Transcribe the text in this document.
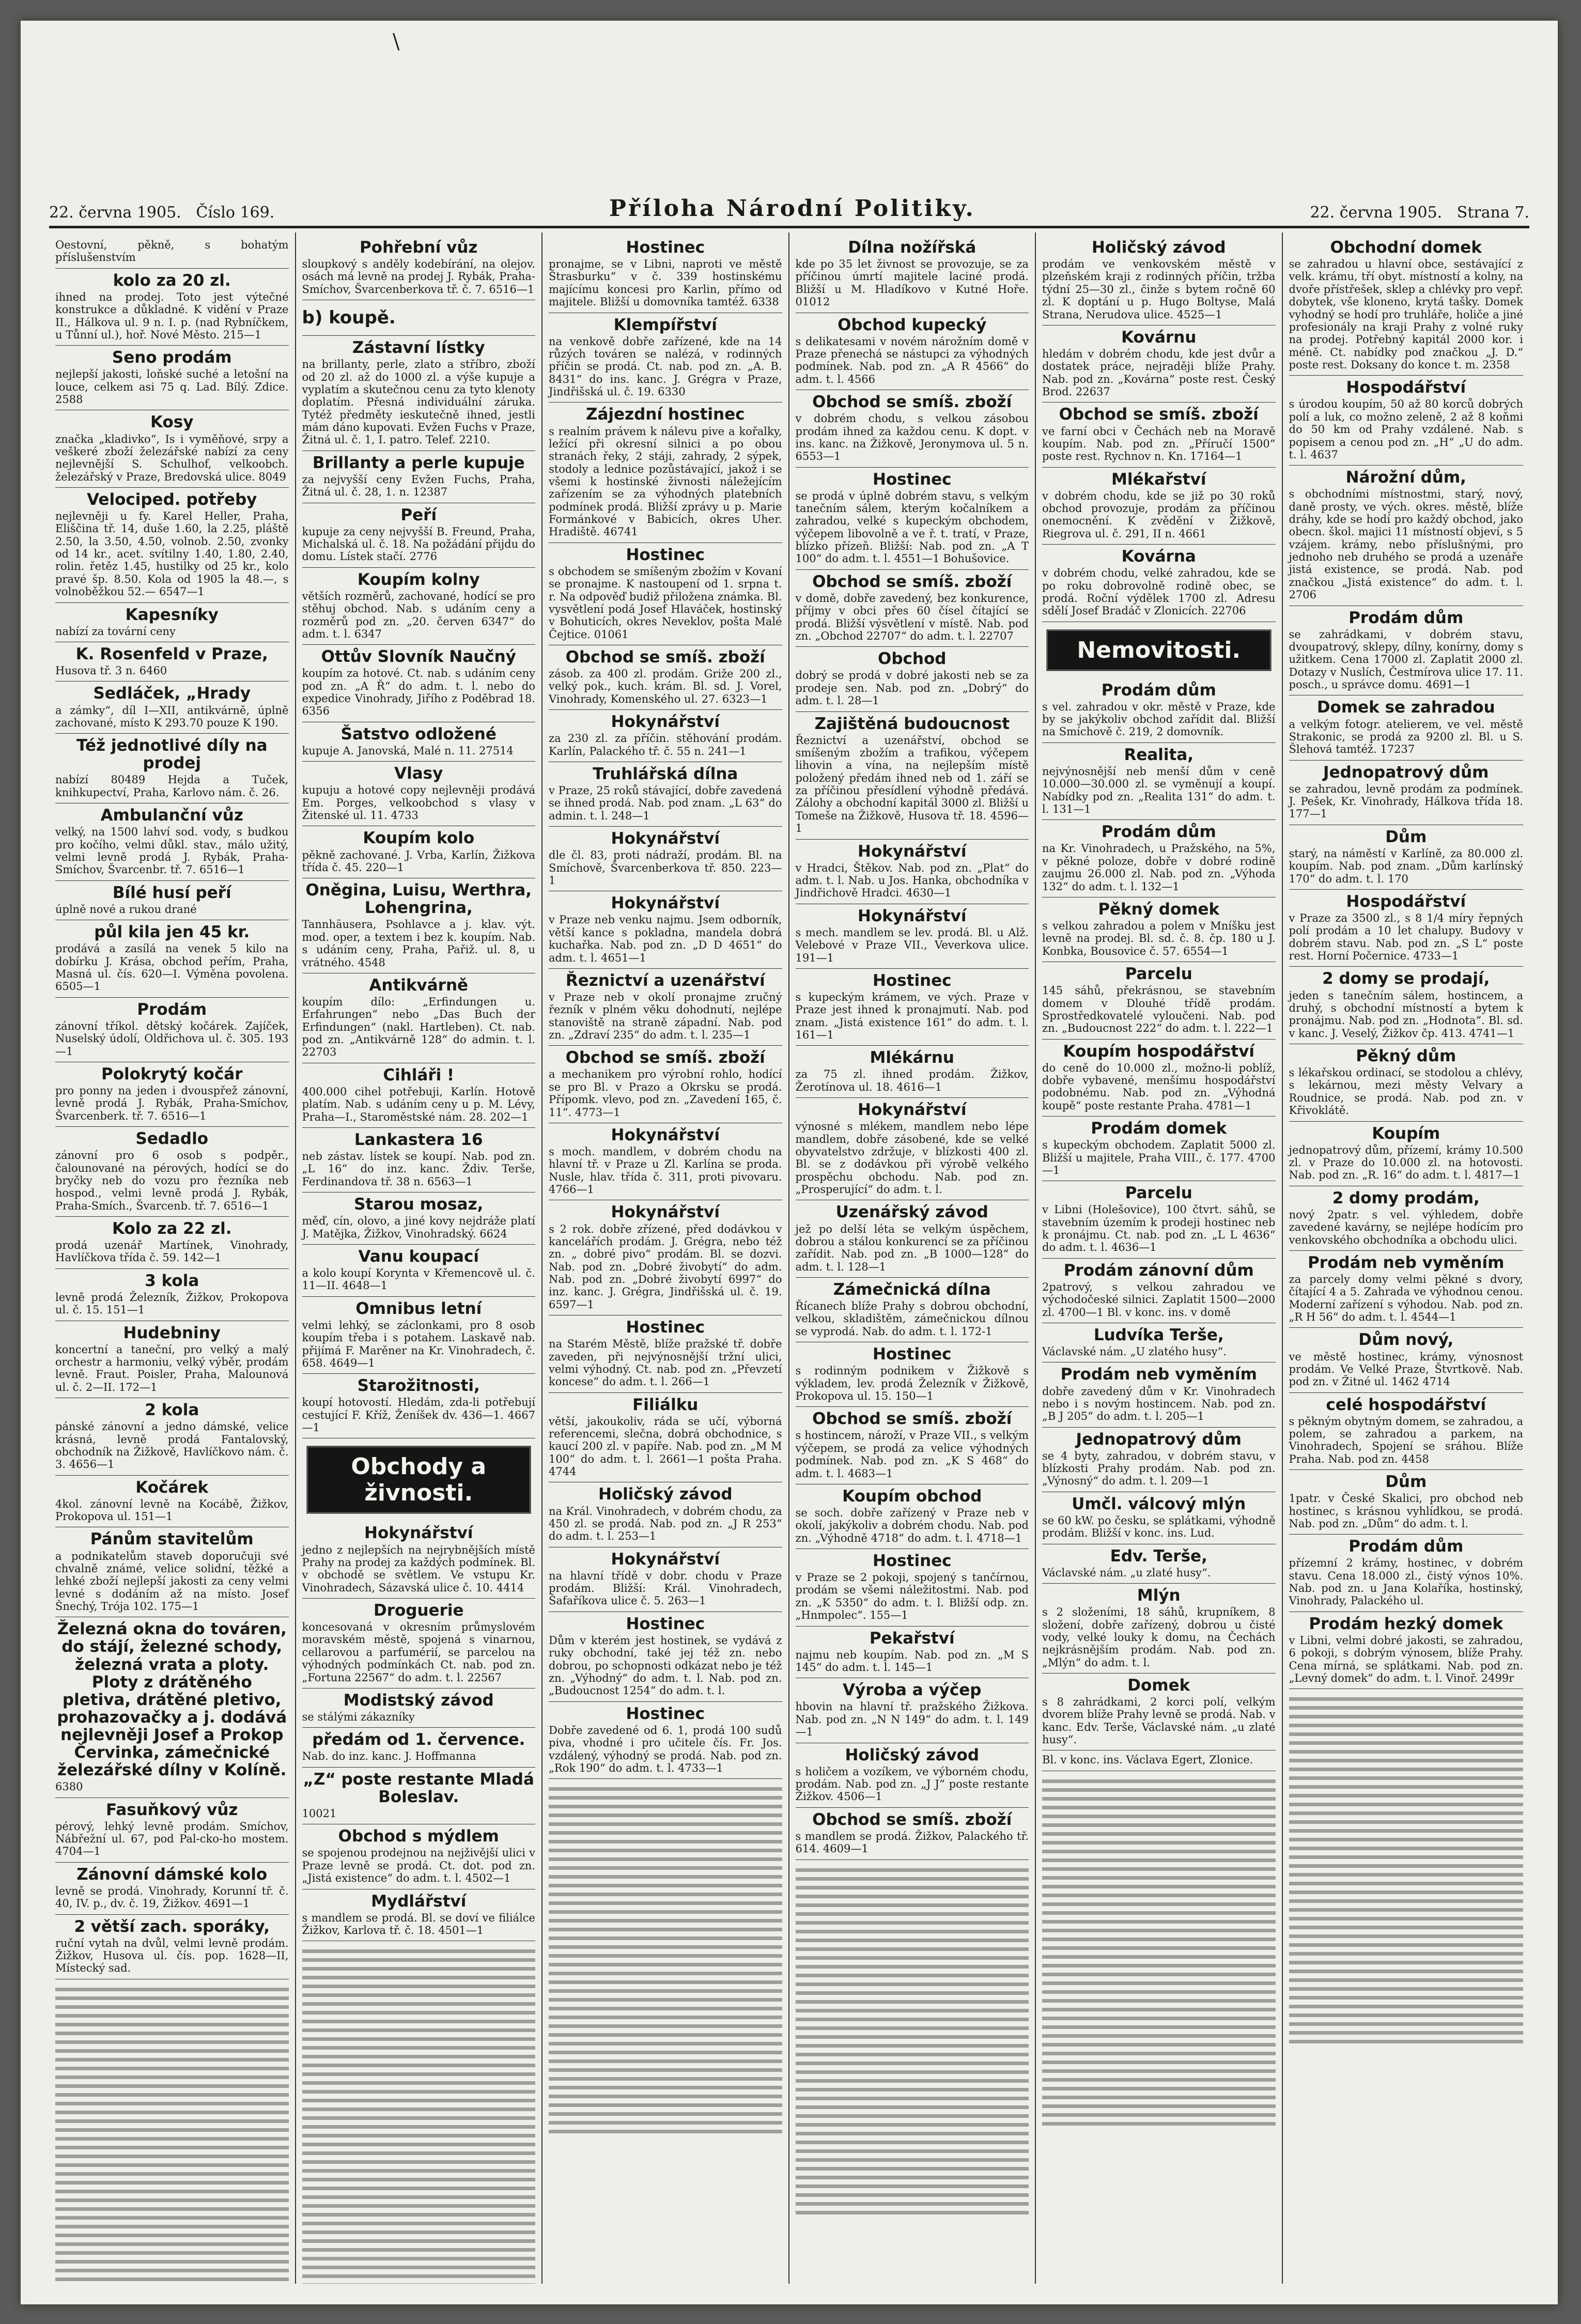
\
22. června 1905. Číslo 169.	Příloha Národní Politiky.	22. června 1905. Strana 7.
Oestovní, pěkně, s bohatým příslušenstvím
kolo za 20 zl.
ihned na prodej. Toto jest výtečné konstrukce a důkladné. K vidění v Praze II., Hálkova ul. 9 n. I. p. (nad Rybníčkem, u Tůnní ul.), hoř. Nové Město. 215—1
Seno prodám
nejlepší jakosti, loňské suché a letošní na louce, celkem asi 75 q. Lad. Bílý. Zdice. 2588
Kosy
značka „kladivko“, Is i vyměňové, srpy a veškeré zboží železářské nabízí za ceny nejlevnější S. Schulhof, velkoobch. železářský v Praze, Bredovská ulice. 8049
Velociped. potřeby
nejlevněji u fy. Karel Heller, Praha, Eliščina tř. 14, duše 1.60, la 2.25, pláště 2.50, la 3.50, 4.50, volnob. 2.50, zvonky od 14 kr., acet. svítilny 1.40, 1.80, 2.40, rolin. řetěz 1.45, hustilky od 25 kr., kolo pravé šp. 8.50. Kola od 1905 la 48.—, s volnoběžkou 52.— 6547—1
Kapesníky
nabízí za tovární ceny
K. Rosenfeld v Praze,
Husova tř. 3 n. 6460
Sedláček, „Hrady
a zámky“, díl I—XII, antikvárně, úplně zachované, místo K 293.70 pouze K 190.
Též jednotlivé díly na prodej
nabízí 80489 Hejda a Tuček, knihkupectví, Praha, Karlovo nám. č. 26.
Ambulanční vůz
velký, na 1500 lahví sod. vody, s budkou pro kočího, velmi důkl. stav., málo užitý, velmi levně prodá J. Rybák, Praha-Smíchov, Švarcenbr. tř. 7. 6516—1
Bílé husí peří
úplně nové a rukou drané
půl kila jen 45 kr.
prodává a zasílá na venek 5 kilo na dobírku J. Krása, obchod peřím, Praha, Masná ul. čís. 620—I. Výměna povolena. 6505—1
Prodám
zánovní tříkol. dětský kočárek. Zajíček, Nuselský údolí, Oldřichova ul. č. 305. 193—1
Polokrytý kočár
pro ponny na jeden i dvouspřež zánovní, levně prodá J. Rybák, Praha-Smíchov, Švarcenberk. tř. 7. 6516—1
Sedadlo
zánovní pro 6 osob s podpěr., čalounované na pérových, hodící se do bryčky neb do vozu pro řezníka neb hospod., velmi levně prodá J. Rybák, Praha-Smích., Švarcenb. tř. 7. 6516—1
Kolo za 22 zl.
prodá uzenář Martínek, Vinohrady, Havlíčkova třída č. 59. 142—1
3 kola
levně prodá Železník, Žižkov, Prokopova ul. č. 15. 151—1
Hudebniny
koncertní a taneční, pro velký a malý orchestr a harmoniu, velký výběr, prodám levně. Fraut. Poisler, Praha, Malounová ul. č. 2—II. 172—1
2 kola
pánské zánovní a jedno dámské, velice krásná, levně prodá Fantalovský, obchodník na Žižkově, Havlíčkovo nám. č. 3. 4656—1
Kočárek
4kol. zánovní levně na Kocábě, Žižkov, Prokopova ul. 151—1
Pánům stavitelům
a podnikatelům staveb doporučuji své chvalně známé, velice solidní, těžké a lehké zboží nejlepší jakosti za ceny velmi levné s dodáním až na místo. Josef Šnechý, Trója 102. 175—1
Železná okna do továren, do stájí, železné schody, železná vrata a ploty. Ploty z drátěného pletiva, drátěné pletivo, prohazovačky a j. dodává nejlevněji Josef a Prokop Červinka, zámečnické železářské dílny v Kolíně.
6380
Fasuňkový vůz
pérový, lehký levně prodám. Smíchov, Nábřežní ul. 67, pod Pal-cko-ho mostem. 4704—1
Zánovní dámské kolo
levně se prodá. Vinohrady, Korunní tř. č. 40, IV. p., dv. č. 19, Žižkov. 4691—1
2 větší zach. sporáky,
ruční vytah na dvůl, velmi levně prodám. Žižkov, Husova ul. čís. pop. 1628—II, Místecký sad.
Pohřební vůz
sloupkový s anděly kodebírání, na olejov. osách má levně na prodej J. Rybák, Praha-Smíchov, Švarcenberkova tř. č. 7. 6516—1
b) koupě.
Zástavní lístky
na brillanty, perle, zlato a stříbro, zboží od 20 zl. až do 1000 zl. a výše kupuje a vyplatím a skutečnou cenu za tyto klenoty doplatím. Přesná individuální záruka. Tytéž předměty ieskutečně ihned, jestli mám dáno kupovati. Evžen Fuchs v Praze, Žitná ul. č. 1, I. patro. Telef. 2210.
Brillanty a perle kupuje
za nejvyšší ceny Evžen Fuchs, Praha, Žitná ul. č. 28, 1. n. 12387
Peří
kupuje za ceny nejvyšší B. Freund, Praha, Michalská ul. č. 18. Na požádání přijdu do domu. Lístek stačí. 2776
Koupím kolny
větších rozměrů, zachované, hodící se pro stěhuj obchod. Nab. s udáním ceny a rozměrů pod zn. „20. červen 6347“ do adm. t. l. 6347
Ottův Slovník Naučný
koupím za hotové. Ct. nab. s udáním ceny pod zn. „A Ř“ do adm. t. l. nebo do expedice Vinohrady, Jiřího z Poděbrad 18. 6356
Šatstvo odložené
kupuje A. Janovská, Malé n. 11. 27514
Vlasy
kupuju a hotové copy nejlevněji prodává Em. Porges, velkoobchod s vlasy v Žitenské ul. 11. 4733
Koupím kolo
pěkně zachované. J. Vrba, Karlín, Žižkova třída č. 45. 220—1
Oněgina, Luisu, Werthra, Lohengrina,
Tannhäusera, Psohlavce a j. klav. výt. mod. oper, a textem i bez k. koupím. Nab. s udáním ceny, Praha, Pařiž. ul. 8, u vrátného. 4548
Antikvárně
koupím dílo: „Erfindungen u. Erfahrungen“ nebo „Das Buch der Erfindungen“ (nakl. Hartleben). Ct. nab. pod zn. „Antikvárně 128“ do admin. t. l. 22703
Cihláři !
400.000 cihel potřebuji, Karlín. Hotově platím. Nab. s udáním ceny u p. M. Lévy, Praha—I., Staroměstské nám. 28. 202—1
Lankastera 16
neb zástav. lístek se koupí. Nab. pod zn. „L 16“ do inz. kanc. Ždiv. Terše, Ferdinandova tř. 38 n. 6563—1
Starou mosaz,
měď, cín, olovo, a jiné kovy nejdráže platí J. Matějka, Žižkov, Vinohradský. 6624
Vanu koupací
a kolo koupí Korynta v Křemencově ul. č. 11—II. 4648—1
Omnibus letní
velmi lehký, se záclonkami, pro 8 osob koupím třeba i s potahem. Laskavě nab. přijímá F. Marěner na Kr. Vinohradech, č. 658. 4649—1
Starožitnosti,
koupí hotovostí. Hledám, zda-li potřebují cestující F. Kříž, Ženíšek dv. 436—1. 4667—1
Obchody a živnosti.
Hokynářství
jedno z nejlepších na nejrybnějších místě Prahy na prodej za každých podmínek. Bl. v obchodě se světlem. Ve vstupu Kr. Vinohradech, Sázavská ulice č. 10. 4414
Droguerie
koncesovaná v okresním průmyslovém moravském městě, spojená s vinarnou, cellarovou a parfumérií, se parcelou na výhodných podmínkách Ct. nab. pod zn. „Fortuna 22567“ do adm. t. l. 22567
Modistský závod
se stálými zákazníky
předám od 1. července.
Nab. do inz. kanc. J. Hoffmanna
„Z“ poste restante Mladá Boleslav.
10021
Obchod s mýdlem
se spojenou prodejnou na nejživější ulici v Praze levně se prodá. Ct. dot. pod zn. „Jistá existence“ do adm. t. l. 4502—1
Mydlářství
s mandlem se prodá. Bl. se doví ve filiálce Žižkov, Karlova tř. č. 18. 4501—1
Hostinec
pronajme, se v Libni, naproti ve městě Štrasburku“ v č. 339 hostinskému majícímu koncesi pro Karlin, přímo od majitele. Bližší u domovníka tamtéž. 6338
Klempířství
na venkově dobře zařízené, kde na 14 růzých továren se nalézá, v rodinných příčin se prodá. Ct. nab. pod zn. „A. B. 8431“ do ins. kanc. J. Grégra v Praze, Jindřišská ul. č. 19. 6330
Zájezdní hostinec
s realním právem k nálevu pive a kořalky, ležící při okresní silnici a po obou stranách řeky, 2 stáji, zahrady, 2 sýpek, stodoly a lednice pozůstávající, jakož i se všemi k hostinské živnosti náležejícím zařízením se za výhodných platebních podmínek prodá. Bližší zprávy u p. Marie Formánkové v Babicích, okres Uher. Hradiště. 46741
Hostinec
s obchodem se smíšeným zbožím v Kovaní se pronajme. K nastoupení od 1. srpna t. r. Na odpověď budiž přiložena známka. Bl. vysvětlení podá Josef Hlaváček, hostinský v Bohuticích, okres Neveklov, pošta Malé Čejtice. 01061
Obchod se smíš. zboží
zásob. za 400 zl. prodám. Griže 200 zl., velký pok., kuch. krám. Bl. sd. J. Vorel, Vinohrady, Komenského ul. 27. 6323—1
Hokynářství
za 230 zl. za příčin. stěhování prodám. Karlín, Palackého tř. č. 55 n. 241—1
Truhlářská dílna
v Praze, 25 roků stávající, dobře zavedená se ihned prodá. Nab. pod znam. „L 63“ do admin. t. l. 248—1
Hokynářství
dle čl. 83, proti nádraží, prodám. Bl. na Smíchově, Švarcenberkova tř. 850. 223—1
Hokynářství
v Praze neb venku najmu. Jsem odborník, větší kance s pokladna, mandela dobrá kuchařka. Nab. pod zn. „D D 4651“ do adm. t. l. 4651—1
Řeznictví a uzenářství
v Praze neb v okolí pronajme zručný řezník v plném věku dohodnutí, nejlépe stanoviště na straně západní. Nab. pod zn. „Zdraví 235“ do adm. t. l. 235—1
Obchod se smíš. zboží
a mechanikem pro výrobní rohlo, hodící se pro Bl. v Prazo a Okrsku se prodá. Přípomk. vlevo, pod zn. „Zavedení 165, č. 11“. 4773—1
Hokynářství
s moch. mandlem, v dobrém chodu na hlavní tř. v Praze u Zl. Karlína se proda. Nusle, hlav. třída č. 311, proti pivovaru. 4766—1
Hokynářství
s 2 rok. dobře zřízené, před dodávkou v kancelářích prodám. J. Grégra, nebo též zn. „ dobré pivo“ prodám. Bl. se dozvi. Nab. pod zn. „Dobré živobytí“ do adm. Nab. pod zn. „Dobré živobytí 6997“ do inz. kanc. J. Grégra, Jindřišská ul. č. 19. 6597—1
Hostinec
na Starém Městě, blíže pražské tř. dobře zaveden, při nejvýnosnější tržní ulici, velmi výhodný. Ct. nab. pod zn. „Převzetí koncese“ do adm. t. l. 266—1
Filiálku
větší, jakoukoliv, ráda se učí, výborná referencemi, slečna, dobrá obchodnice, s kaucí 200 zl. v papíře. Nab. pod zn. „M M 100“ do adm. t. l. 2661—1 pošta Praha. 4744
Holičský závod
na Král. Vinohradech, v dobrém chodu, za 450 zl. se prodá. Nab. pod zn. „J R 253“ do adm. t. l. 253—1
Hokynářství
na hlavní třídě v dobr. chodu v Praze prodám. Bližší: Král. Vinohradech, Šafaříkova ulice č. 5. 263—1
Hostinec
Dům v kterém jest hostinek, se vydává z ruky obchodní, také jej též zn. nebo dobrou, po schopnosti odkázat nebo je též zn. „Výhodný“ do adm. t. l. Nab. pod zn. „Budoucnost 1254“ do adm. t. l.
Hostinec
Dobře zavedené od 6. 1, prodá 100 sudů piva, vhodné i pro učitele čís. Fr. Jos. vzdálený, výhodný se prodá. Nab. pod zn. „Rok 190“ do adm. t. l. 4733—1
Dílna nožířská
kde po 35 let živnost se provozuje, se za příčinou úmrtí majitele laciné prodá. Bližší u M. Hladíkovo v Kutné Hoře. 01012
Obchod kupecký
s delikatesami v novém nárožním domě v Praze přenechá se nástupci za výhodných podmínek. Nab. pod zn. „A R 4566“ do adm. t. l. 4566
Obchod se smíš. zboží
v dobrém chodu, s velkou zásobou prodám ihned za každou cenu. K dopt. v ins. kanc. na Žižkově, Jeronymova ul. 5 n. 6553—1
Hostinec
se prodá v úplně dobrém stavu, s velkým tanečním sálem, kterým kočalníkem a zahradou, velké s kupeckým obchodem, výčepem libovolně a ve ř. t. tratí, v Praze, blízko přízeň. Bližší: Nab. pod zn. „A T 100“ do adm. t. l. 4551—1 Bohušovice.
Obchod se smíš. zboží
v domě, dobře zavedený, bez konkurence, příjmy v obci přes 60 čísel čítající se prodá. Bližší výsvětlení v místě. Nab. pod zn. „Obchod 22707“ do adm. t. l. 22707
Obchod
dobrý se prodá v dobré jakosti neb se za prodeje sen. Nab. pod zn. „Dobrý“ do adm. t. l. 28—1
Zajištěná budoucnost
Řeznictví a uzenářství, obchod se smíšeným zbožím a trafikou, výčepem lihovin a vína, na nejlepším místě položený předám ihned neb od 1. září se za příčinou přesídlení výhodně předává. Zálohy a obchodní kapitál 3000 zl. Bližší u Tomeše na Žižkově, Husova tř. 18. 4596—1
Hokynářství
v Hradci, Štěkov. Nab. pod zn. „Plat“ do adm. t. l. Nab. u Jos. Hanka, obchodníka v Jindřichově Hradci. 4630—1
Hokynářství
s mech. mandlem se lev. prodá. Bl. u Alž. Velebové v Praze VII., Veverkova ulice. 191—1
Hostinec
s kupeckým krámem, ve vých. Praze v Praze jest ihned k pronajmutí. Nab. pod znam. „Jistá existence 161“ do adm. t. l. 161—1
Mlékárnu
za 75 zl. ihned prodám. Žižkov, Žerotínova ul. 18. 4616—1
Hokynářství
výnosné s mlékem, mandlem nebo lépe mandlem, dobře zásobené, kde se velké obyvatelstvo zdržuje, v blízkosti 400 zl. Bl. se z dodávkou při výrobě velkého prospěchu obchodu. Nab. pod zn. „Prosperující“ do adm. t. l.
Uzenářský závod
jež po delší léta se velkým úspěchem, dobrou a stálou konkurencí se za příčinou zařídit. Nab. pod zn. „B 1000—128“ do adm. t. l. 128—1
Zámečnická dílna
Řícanech blíže Prahy s dobrou obchodní, velkou, skladištěm, zámečnickou dílnou se vyprodá. Nab. do adm. t. l. 172-1
Hostinec
s rodinným podnikem v Žižkově s výkladem, lev. prodá Železník v Žižkově, Prokopova ul. 15. 150—1
Obchod se smíš. zboží
s hostincem, nároží, v Praze VII., s velkým výčepem, se prodá za velice výhodných podmínek. Nab. pod zn. „K S 468“ do adm. t. l. 4683—1
Koupím obchod
se soch. dobře zařízený v Praze neb v okolí, jakýkoliv a dobrém chodu. Nab. pod zn. „Výhodně 4718“ do adm. t. l. 4718—1
Hostinec
v Praze se 2 pokoji, spojený s tančírnou, prodám se všemi náležitostmi. Nab. pod zn. „K 5350“ do adm. t. l. Bližší odp. zn. „Hnmpolec“. 155—1
Pekařství
najmu neb koupím. Nab. pod zn. „M S 145“ do adm. t. l. 145—1
Výroba a výčep
hbovin na hlavní tř. pražského Žižkova. Nab. pod zn. „N N 149“ do adm. t. l. 149—1
Holičský závod
s holičem a vozíkem, ve výborném chodu, prodám. Nab. pod zn. „J J“ poste restante Žižkov. 4506—1
Obchod se smíš. zboží
s mandlem se prodá. Žižkov, Palackého tř. 614. 4609—1
Holičský závod
prodám ve venkovském městě v plzeňském kraji z rodinných příčin, tržba týdní 25—30 zl., činže s bytem ročně 60 zl. K doptání u p. Hugo Boltyse, Malá Strana, Nerudova ulice. 4525—1
Kovárnu
hledám v dobrém chodu, kde jest dvůr a dostatek práce, nejraději blíže Prahy. Nab. pod zn. „Kovárna“ poste rest. Český Brod. 22637
Obchod se smíš. zboží
ve farní obci v Čechách neb na Moravě koupím. Nab. pod zn. „Příručí 1500“ poste rest. Rychnov n. Kn. 17164—1
Mlékařství
v dobrém chodu, kde se již po 30 roků obchod provozuje, prodám za příčinou onemocnění. K zvědění v Žižkově, Riegrova ul. č. 291, II n. 4661
Kovárna
v dobrém chodu, velké zahradou, kde se po roku dobrovolně rodině obec, se prodá. Roční výdělek 1700 zl. Adresu sdělí Josef Bradáč v Zlonicích. 22706
Nemovitosti.
Prodám dům
s vel. zahradou v okr. městě v Praze, kde by se jakýkoliv obchod zařídit dal. Bližší na Smíchově č. 219, 2 domovník.
Realita,
nejvýnosnější neb menší dům v ceně 10.000—30.000 zl. se vyměnují a koupí. Nabídky pod zn. „Realita 131“ do adm. t. l. 131—1
Prodám dům
na Kr. Vinohradech, u Pražského, na 5%, v pěkné poloze, dobře v dobré rodině zaujmu 26.000 zl. Nab. pod zn. „Výhoda 132“ do adm. t. l. 132—1
Pěkný domek
s velkou zahradou a polem v Mníšku jest levně na prodej. Bl. sd. č. 8. čp. 180 u J. Konbka, Bousovice č. 57. 6554—1
Parcelu
145 sáhů, překrásnou, se stavebním domem v Dlouhé třídě prodám. Sprostředkovatelé vyloučeni. Nab. pod zn. „Budoucnost 222“ do adm. t. l. 222—1
Koupím hospodářství
do ceně do 10.000 zl., možno-li poblíž, dobře vybavené, menšímu hospodářství podobnému. Nab. pod zn. „Výhodná koupě“ poste restante Praha. 4781—1
Prodám domek
s kupeckým obchodem. Zaplatit 5000 zl. Bližší u majitele, Praha VIII., č. 177. 4700—1
Parcelu
v Libni (Holešovice), 100 čtvrt. sáhů, se stavebním územím k prodeji hostinec neb k pronájmu. Ct. nab. pod zn. „L L 4636“ do adm. t. l. 4636—1
Prodám zánovní dům
2patrový, s velkou zahradou ve východočeské silnici. Zaplatit 1500—2000 zl. 4700—1 Bl. v konc. ins. v domě
Ludvíka Terše,
Václavské nám. „U zlatého husy“.
Prodám neb vyměním
dobře zavedený dům v Kr. Vinohradech nebo i s novým hostincem. Nab. pod zn. „B J 205“ do adm. t. l. 205—1
Jednopatrový dům
se 4 byty, zahradou, v dobrém stavu, v blízkosti Prahy prodám. Nab. pod zn. „Výnosný“ do adm. t. l. 209—1
Umčl. válcový mlýn
se 60 kW. po česku, se splátkami, výhodně prodám. Bližší v konc. ins. Lud.
Edv. Terše,
Václavské nám. „u zlaté husy“.
Mlýn
s 2 složeními, 18 sáhů, krupníkem, 8 složení, dobře zařízený, dobrou u čisté vody, velké louky k domu, na Čechách nejkrásnějším prodám. Nab. pod zn. „Mlýn“ do adm. t. l.
Domek
s 8 zahrádkami, 2 korci polí, velkým dvorem blíže Prahy levně se prodá. Nab. v kanc. Edv. Terše, Václavské nám. „u zlaté husy“.
Bl. v konc. ins. Václava Egert, Zlonice.
Obchodní domek
se zahradou u hlavní obce, sestávající z velk. krámu, tří obyt. místností a kolny, na dvoře přístřešek, sklep a chlévky pro vepř. dobytek, vše kloneno, krytá tašky. Domek vyhodný se hodí pro truhláře, holiče a jiné profesionály na kraji Prahy z volné ruky na prodej. Potřebný kapitál 2000 kor. i méně. Ct. nabídky pod značkou „J. D.“ poste rest. Doksany do konce t. m. 2358
Hospodářství
s úrodou koupím, 50 až 80 korců dobrých polí a luk, co možno zeleně, 2 až 8 koňmi do 50 km od Prahy vzdálené. Nab. s popisem a cenou pod zn. „H“ „U do adm. t. l. 4637
Nárožní dům,
s obchodními místnostmi, starý, nový, daně prosty, ve vých. okres. městě, blíže dráhy, kde se hodí pro každý obchod, jako obecn. škol. majici 11 místností objeví, s 5 vzájem. krámy, nebo příslušnými, pro jednoho neb druhého se prodá a uzenáře jistá existence, se prodá. Nab. pod značkou „Jistá existence“ do adm. t. l. 2706
Prodám dům
se zahrádkami, v dobrém stavu, dvoupatrový, sklepy, dílny, konírny, domy s užitkem. Cena 17000 zl. Zaplatit 2000 zl. Dotazy v Nuslích, Čestmírova ulice 17. 11. posch., u správce domu. 4691—1
Domek se zahradou
a velkým fotogr. atelierem, ve vel. městě Strakonic, se prodá za 9200 zl. Bl. u S. Šlehová tamtéž. 17237
Jednopatrový dům
se zahradou, levně prodám za podmínek. J. Pešek, Kr. Vinohrady, Hálkova třída 18. 177—1
Dům
starý, na náměstí v Karlíně, za 80.000 zl. koupím. Nab. pod znam. „Dům karlínský 170“ do adm. t. l. 170
Hospodářství
v Praze za 3500 zl., s 8 1/4 míry řepných polí prodám a 10 let chalupy. Budovy v dobrém stavu. Nab. pod zn. „S L“ poste rest. Horní Počernice. 4733—1
2 domy se prodají,
jeden s tanečním sálem, hostincem, a druhý, s obchodní místností a bytem k pronájmu. Nab. pod zn. „Hodnota“. Bl. sd. v kanc. J. Veselý, Žižkov čp. 413. 4741—1
Pěkný dům
s lékařskou ordinací, se stodolou a chlévy, s lekárnou, mezi městy Velvary a Roudnice, se prodá. Nab. pod zn. v Křivoklátě.
Koupím
jednopatrový dům, přízemí, krámy 10.500 zl. v Praze do 10.000 zl. na hotovosti. Nab. pod zn. „R. 16“ do adm. t. l. 4817—1
2 domy prodám,
nový 2patr. s vel. výhledem, dobře zavedené kavárny, se nejlépe hodícím pro venkovského obchodníka a obchodu ulici.
Prodám neb vyměním
za parcely domy velmi pěkné s dvory, čítající 4 a 5. Zahrada ve výhodnou cenou. Moderní zařízení s výhodou. Nab. pod zn. „R H 56“ do adm. t. l. 4544—1
Dům nový,
ve městě hostinec, krámy, výnosnost prodám. Ve Velké Praze, Štvrtkově. Nab. pod zn. v Žitné ul. 1462 4714
celé hospodářství
s pěkným obytným domem, se zahradou, a polem, se zahradou a parkem, na Vinohradech, Spojení se sráhou. Blíže Praha. Nab. pod zn. 4458
Dům
1patr. v České Skalici, pro obchod neb hostinec, s krásnou vyhlídkou, se prodá. Nab. pod zn. „Dům“ do adm. t. l.
Prodám dům
přízemní 2 krámy, hostinec, v dobrém stavu. Cena 18.000 zl., čistý výnos 10%. Nab. pod zn. u Jana Kolaříka, hostinský, Vinohrady, Palackého ul.
Prodám hezký domek
v Libni, velmi dobré jakosti, se zahradou, 6 pokoji, s dobrým výnosem, blíže Prahy. Cena mírná, se splátkami. Nab. pod zn. „Levný domek“ do adm. t. l. Vinoř. 2499r
